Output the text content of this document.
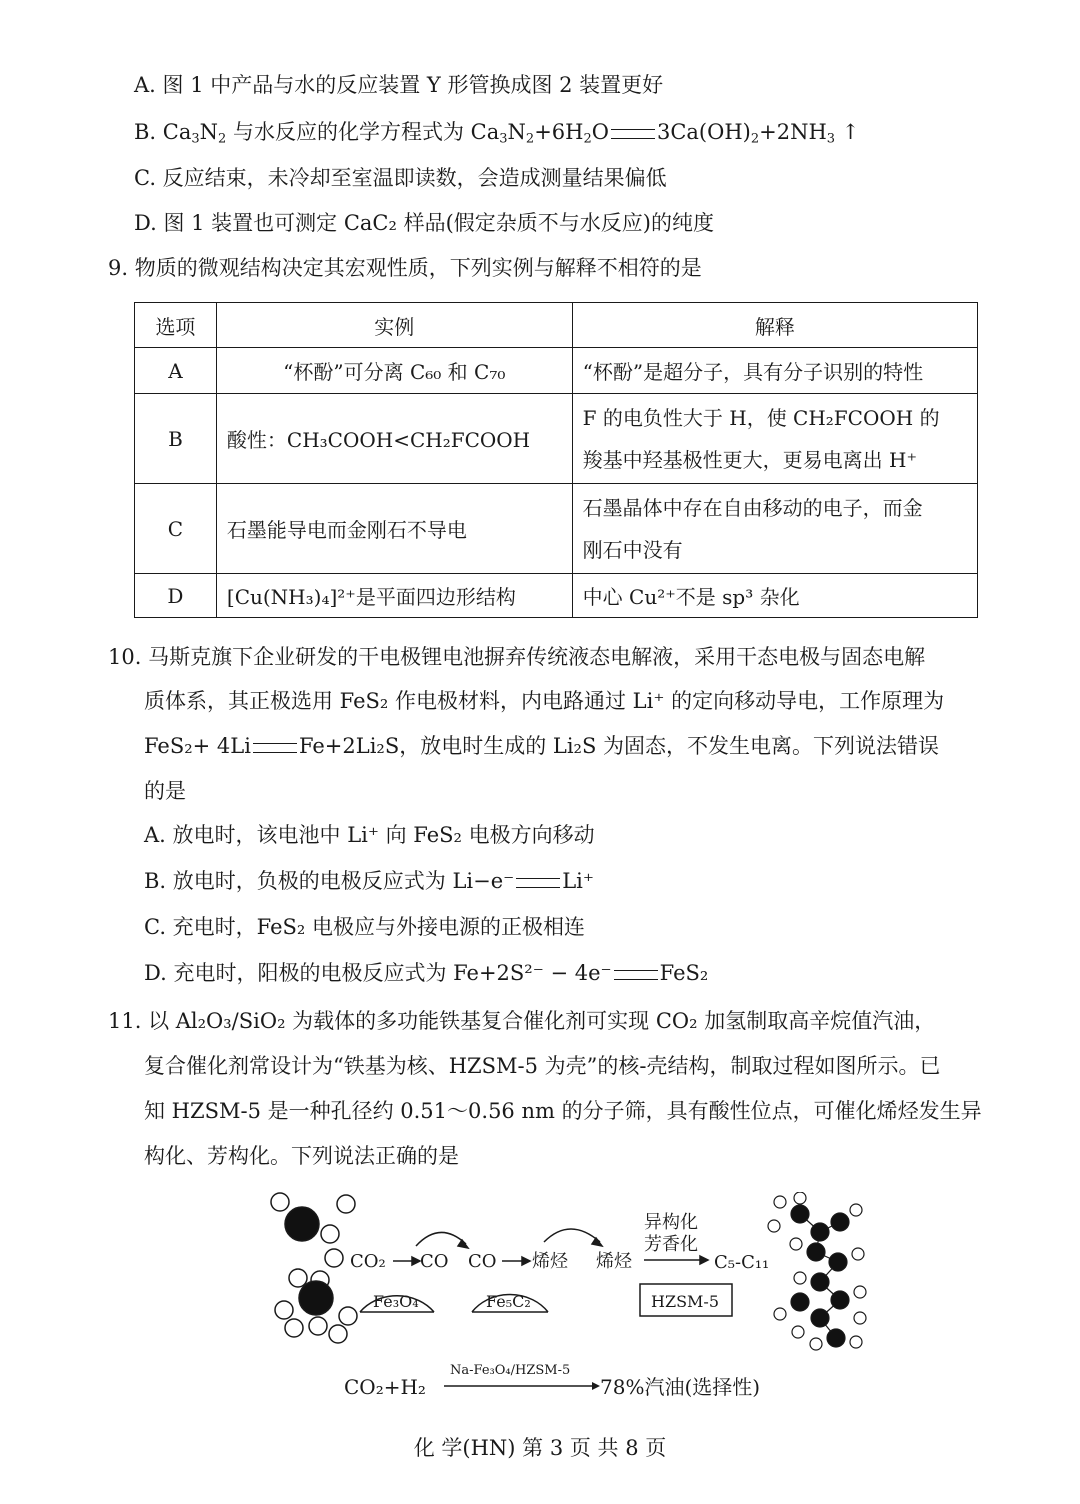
A. 图 1 中产品与水的反应装置 Y 形管换成图 2 装置更好
B. $Ca_3N_2$ 与水反应的化学方程式为 $Ca_3N_2+6H_2O$ $3Ca(OH)_2+2NH_3$ ↑
C. 反应结束，未冷却至室温即读数，会造成测量结果偏低
D. 图 1 装置也可测定 CaC₂ 样品(假定杂质不与水反应)的纯度
9. 物质的微观结构决定其宏观性质，下列实例与解释不相符的是
选项	实例	解释
A	“杯酚”可分离 C₆₀ 和 C₇₀	“杯酚”是超分子，具有分子识别的特性
B	酸性：CH₃COOH<CH₂FCOOH	F 的电负性大于 H，使 CH₂FCOOH 的
羧基中羟基极性更大，更易电离出 H⁺

C	石墨能导电而金刚石不导电	石墨晶体中存在自由移动的电子，而金
刚石中没有

D	[Cu(NH₃)₄]²⁺是平面四边形结构	中心 Cu²⁺不是 sp³ 杂化
10. 马斯克旗下企业研发的干电极锂电池摒弃传统液态电解液，采用干态电极与固态电解
质体系，其正极选用 FeS₂ 作电极材料，内电路通过 Li⁺ 的定向移动导电，工作原理为
FeS₂+ 4Li Fe+2Li₂S，放电时生成的 Li₂S 为固态，不发生电离。下列说法错误
的是
A. 放电时，该电池中 Li⁺ 向 FeS₂ 电极方向移动
B. 放电时，负极的电极反应式为 Li−e⁻ Li⁺
C. 充电时，FeS₂ 电极应与外接电源的正极相连
D. 充电时，阳极的电极反应式为 Fe+2S²⁻ − 4e⁻ FeS₂
11. 以 Al₂O₃/SiO₂ 为载体的多功能铁基复合催化剂可实现 CO₂ 加氢制取高辛烷值汽油，
复合催化剂常设计为“铁基为核、HZSM-5 为壳”的核-壳结构，制取过程如图所示。已
知 HZSM-5 是一种孔径约 0.51～0.56 nm 的分子筛，具有酸性位点，可催化烯烃发生异
构化、芳构化。下列说法正确的是
CO₂ CO CO 烯烃 烯烃
异构化
芳香化
C₅-C₁₁
Fe₃O₄	Fe₅C₂	HZSM-5
CO₂+H₂
Na-Fe₃O₄/HZSM-5
78%汽油(选择性)
化 学(HN) 第 3 页 共 8 页
